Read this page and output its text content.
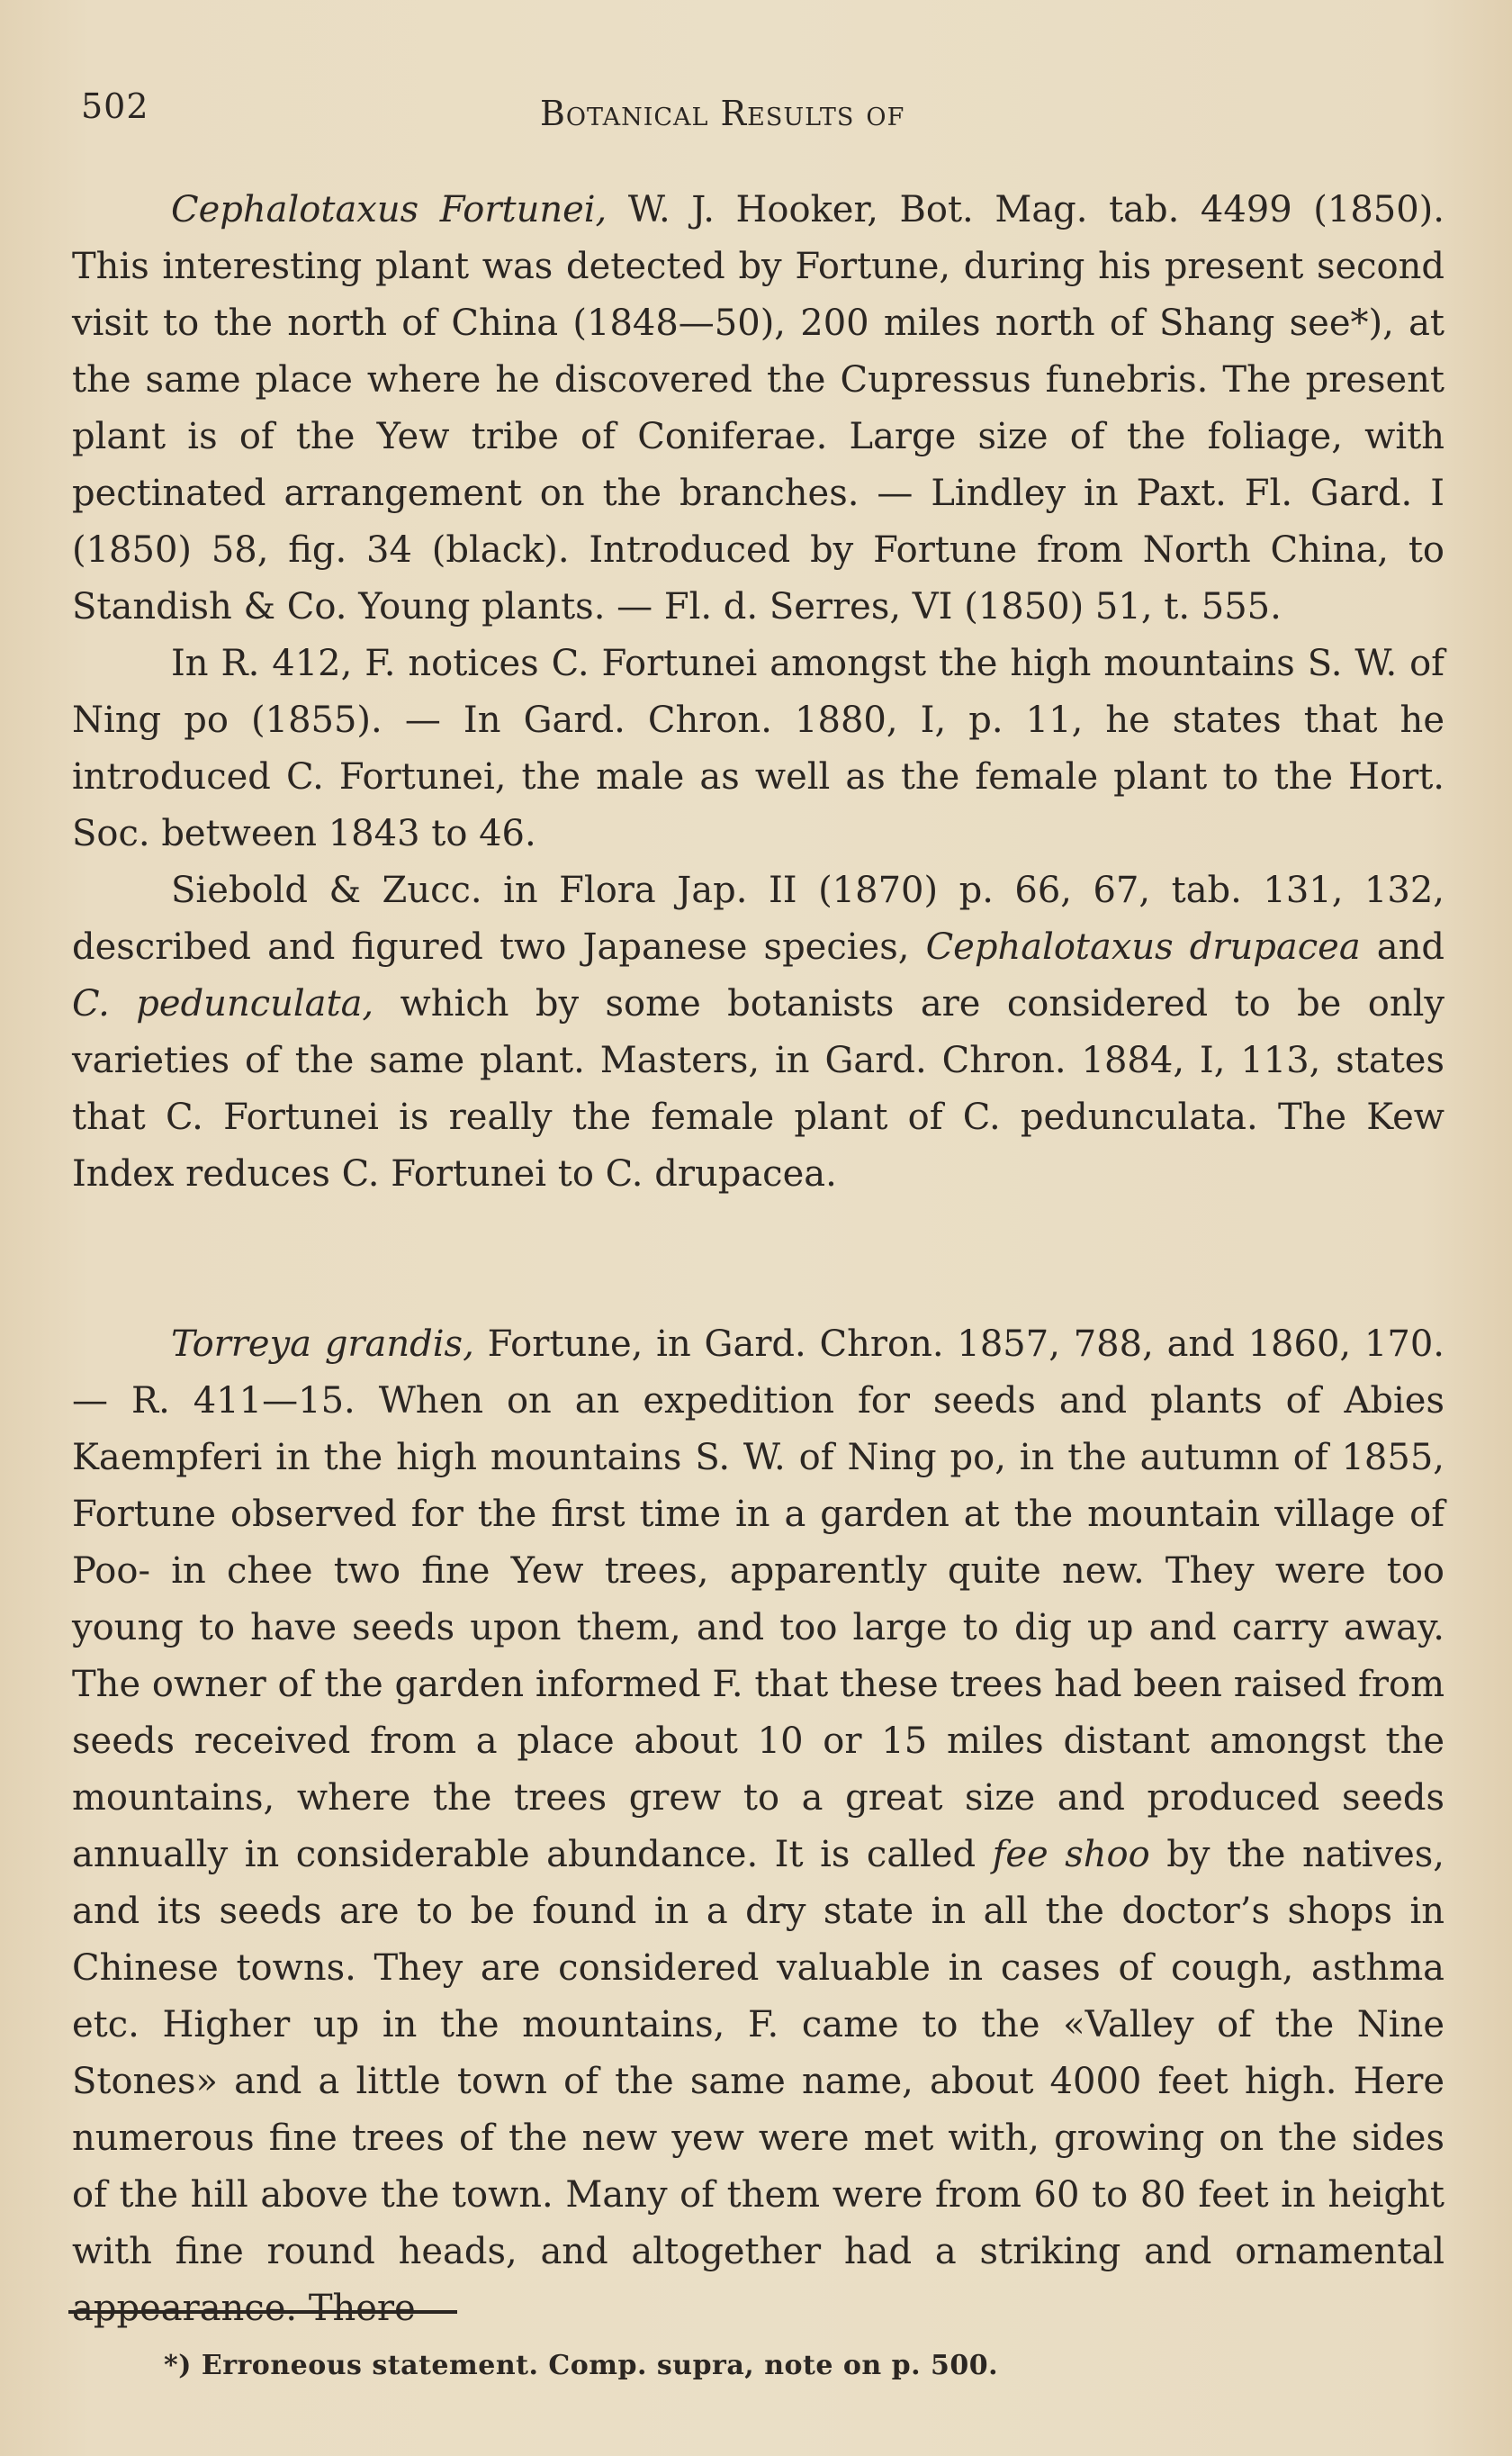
502	Botanical Results of

Cephalotaxus Fortunei, W. J. Hooker, Bot. Mag. tab. 4499 (1850). This interesting plant was detected by Fortune, during his present second visit to the north of China (1848—50), 200 miles north of Shang see*), at the same place where he discovered the Cupressus funebris. The present plant is of the Yew tribe of Coniferae. Large size of the foliage, with pectinated arrangement on the branches. — Lindley in Paxt. Fl. Gard. I (1850) 58, fig. 34 (black). Introduced by Fortune from North China, to Standish & Co. Young plants. — Fl. d. Serres, VI (1850) 51, t. 555.

In R. 412, F. notices C. Fortunei amongst the high mountains S. W. of Ning po (1855). — In Gard. Chron. 1880, I, p. 11, he states that he introduced C. Fortunei, the male as well as the female plant to the Hort. Soc. between 1843 to 46.

Siebold & Zucc. in Flora Jap. II (1870) p. 66, 67, tab. 131, 132, described and figured two Japanese species, Cephalotaxus drupacea and C. pedunculata, which by some botanists are considered to be only varieties of the same plant. Masters, in Gard. Chron. 1884, I, 113, states that C. Fortunei is really the female plant of C. pedunculata. The Kew Index reduces C. Fortunei to C. drupacea.

Torreya grandis, Fortune, in Gard. Chron. 1857, 788, and 1860, 170. — R. 411—15. When on an expedition for seeds and plants of Abies Kaempferi in the high mountains S. W. of Ning po, in the autumn of 1855, Fortune observed for the first time in a garden at the mountain village of Poo- in chee two fine Yew trees, apparently quite new. They were too young to have seeds upon them, and too large to dig up and carry away. The owner of the garden informed F. that these trees had been raised from seeds received from a place about 10 or 15 miles distant amongst the mountains, where the trees grew to a great size and produced seeds annually in considerable abundance. It is called fee shoo by the natives, and its seeds are to be found in a dry state in all the doctor’s shops in Chinese towns. They are considered valuable in cases of cough, asthma etc. Higher up in the mountains, F. came to the «Valley of the Nine Stones» and a little town of the same name, about 4000 feet high. Here numerous fine trees of the new yew were met with, growing on the sides of the hill above the town. Many of them were from 60 to 80 feet in height with fine round heads, and altogether had a striking and ornamental appearance. There

*) Erroneous statement. Comp. supra, note on p. 500.
